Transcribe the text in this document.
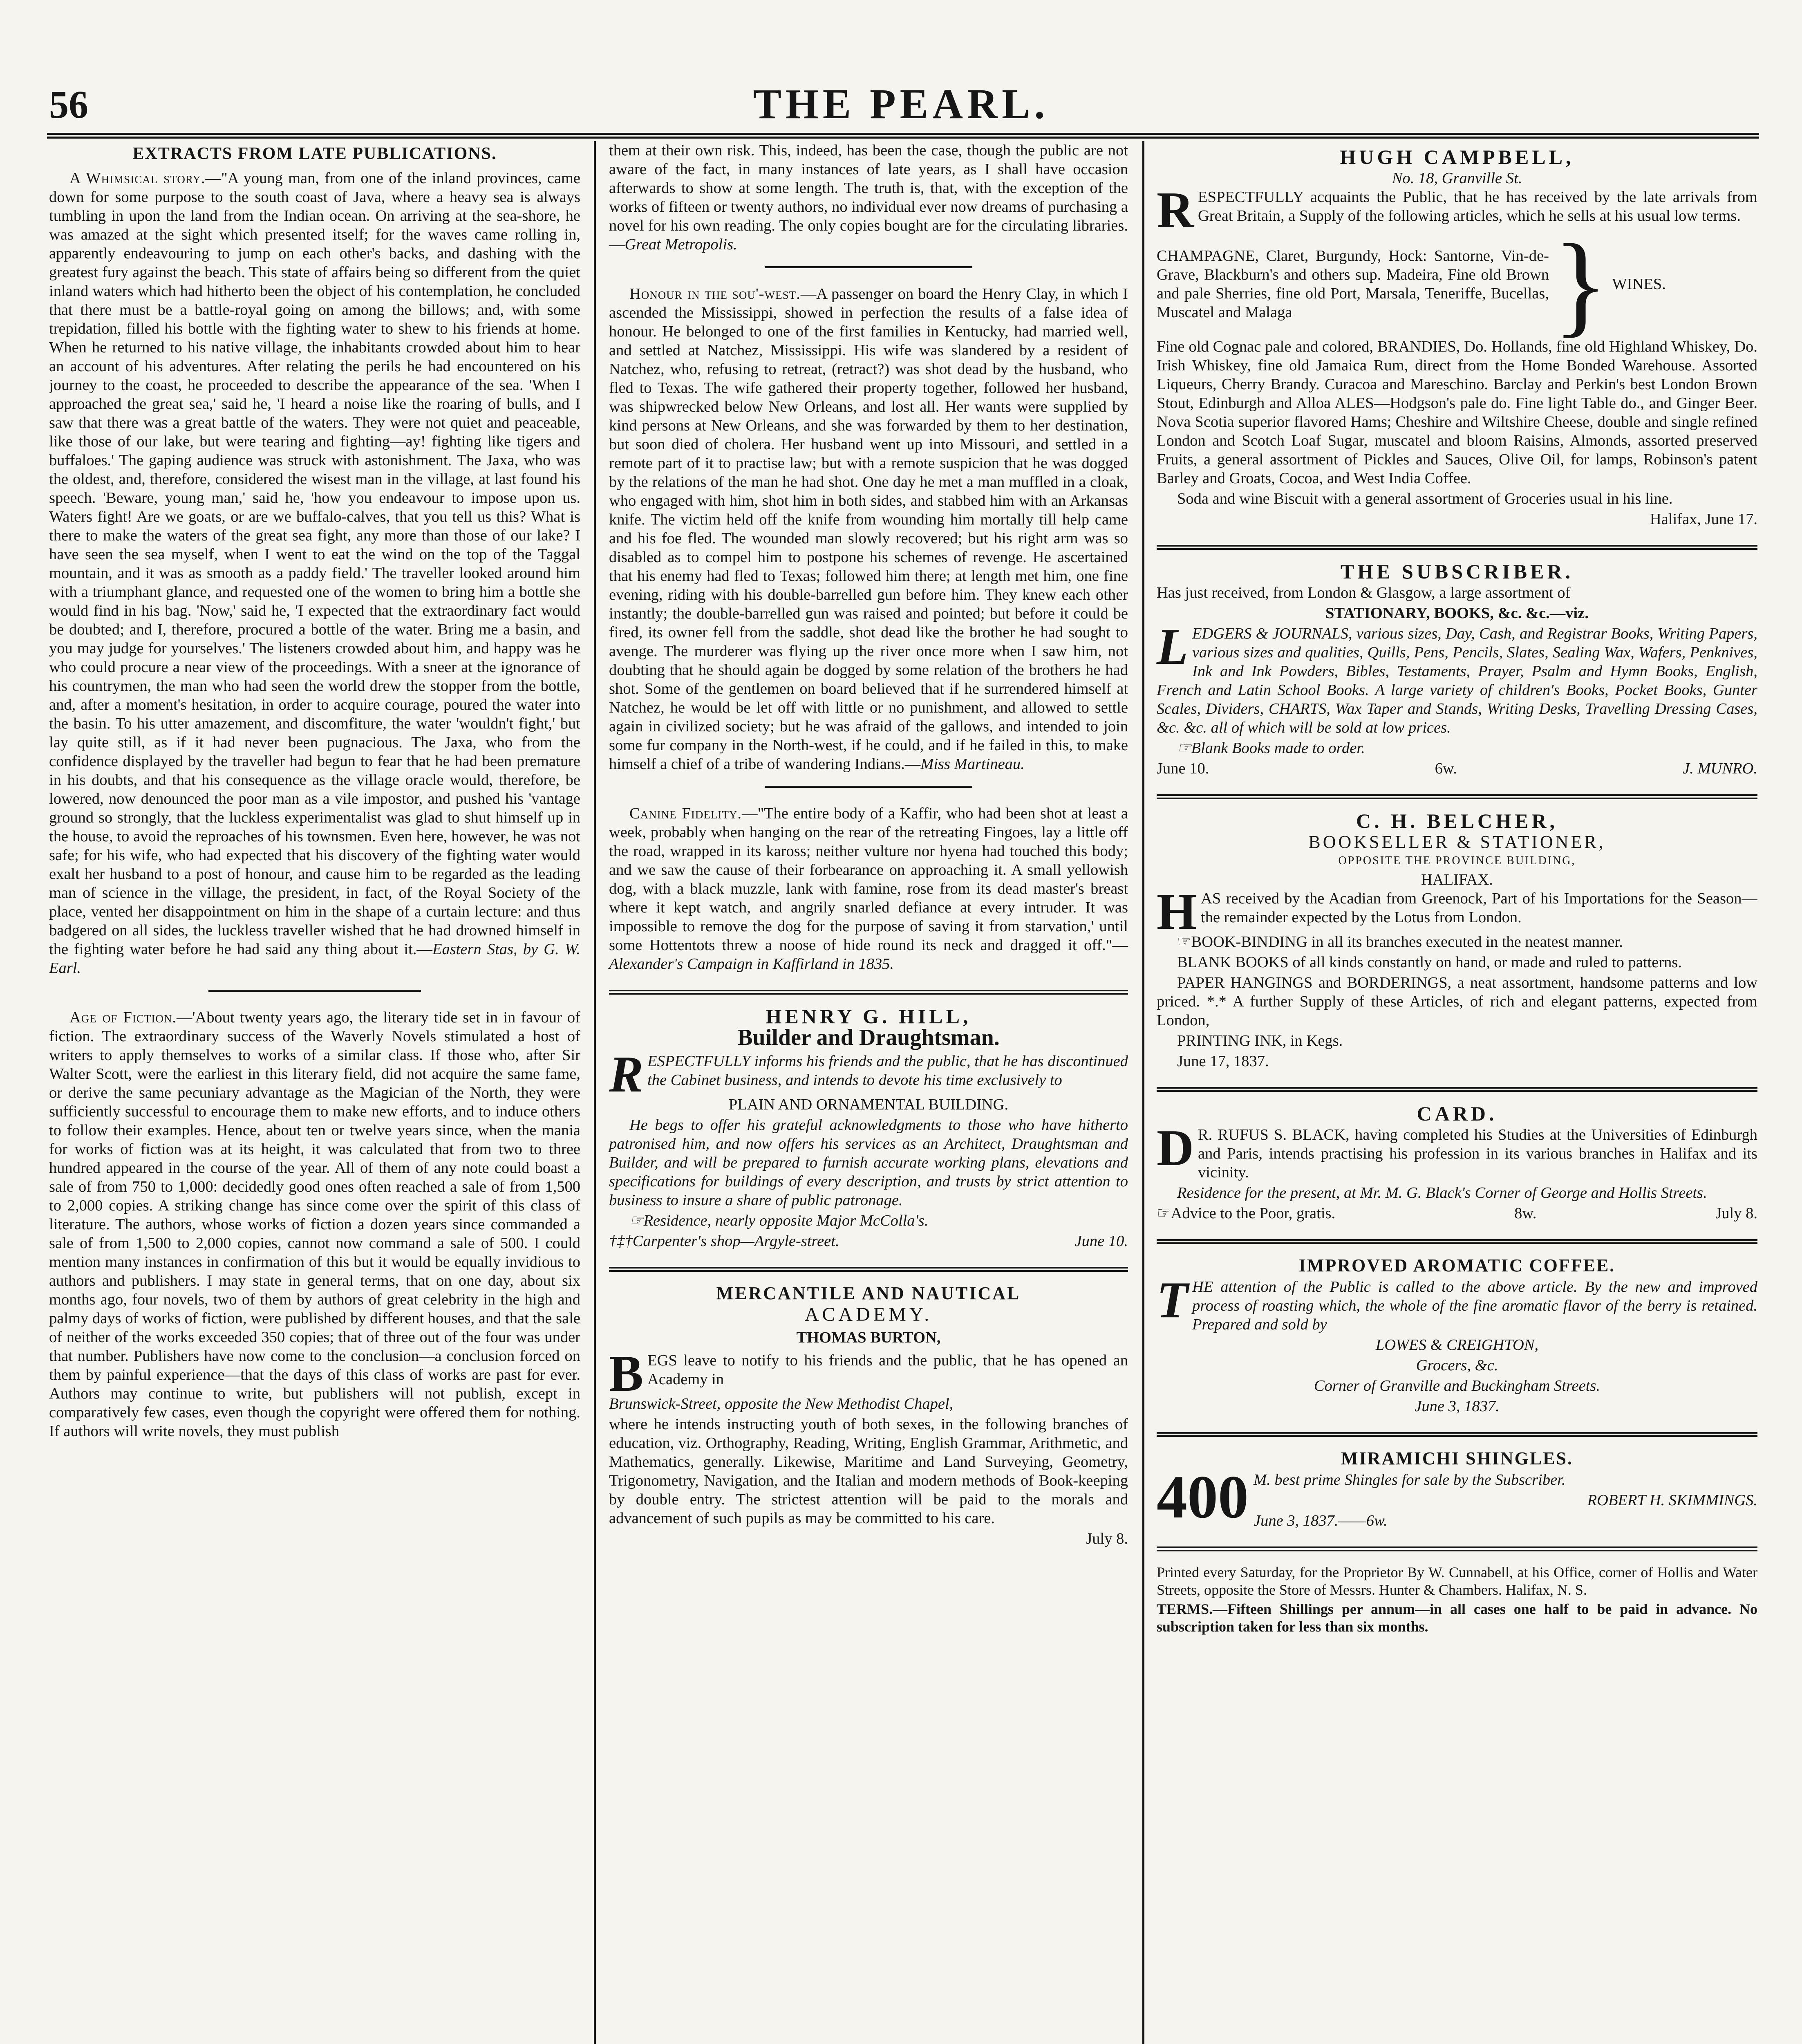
56	THE PEARL.
EXTRACTS FROM LATE PUBLICATIONS.

A Whimsical story.—"A young man, from one of the inland provinces, came down for some purpose to the south coast of Java, where a heavy sea is always tumbling in upon the land from the Indian ocean. On arriving at the sea-shore, he was amazed at the sight which presented itself; for the waves came rolling in, apparently endeavouring to jump on each other's backs, and dashing with the greatest fury against the beach. This state of affairs being so different from the quiet inland waters which had hitherto been the object of his contemplation, he concluded that there must be a battle-royal going on among the billows; and, with some trepidation, filled his bottle with the fighting water to shew to his friends at home. When he returned to his native village, the inhabitants crowded about him to hear an account of his adventures. After relating the perils he had encountered on his journey to the coast, he proceeded to describe the appearance of the sea. 'When I approached the great sea,' said he, 'I heard a noise like the roaring of bulls, and I saw that there was a great battle of the waters. They were not quiet and peaceable, like those of our lake, but were tearing and fighting—ay! fighting like tigers and buffaloes.' The gaping audience was struck with astonishment. The Jaxa, who was the oldest, and, therefore, considered the wisest man in the village, at last found his speech. 'Beware, young man,' said he, 'how you endeavour to impose upon us. Waters fight! Are we goats, or are we buffalo-calves, that you tell us this? What is there to make the waters of the great sea fight, any more than those of our lake? I have seen the sea myself, when I went to eat the wind on the top of the Taggal mountain, and it was as smooth as a paddy field.' The traveller looked around him with a triumphant glance, and requested one of the women to bring him a bottle she would find in his bag. 'Now,' said he, 'I expected that the extraordinary fact would be doubted; and I, therefore, procured a bottle of the water. Bring me a basin, and you may judge for yourselves.' The listeners crowded about him, and happy was he who could procure a near view of the proceedings. With a sneer at the ignorance of his countrymen, the man who had seen the world drew the stopper from the bottle, and, after a moment's hesitation, in order to acquire courage, poured the water into the basin. To his utter amazement, and discomfiture, the water 'wouldn't fight,' but lay quite still, as if it had never been pugnacious. The Jaxa, who from the confidence displayed by the traveller had begun to fear that he had been premature in his doubts, and that his consequence as the village oracle would, therefore, be lowered, now denounced the poor man as a vile impostor, and pushed his 'vantage ground so strongly, that the luckless experimentalist was glad to shut himself up in the house, to avoid the reproaches of his townsmen. Even here, however, he was not safe; for his wife, who had expected that his discovery of the fighting water would exalt her husband to a post of honour, and cause him to be regarded as the leading man of science in the village, the president, in fact, of the Royal Society of the place, vented her disappointment on him in the shape of a curtain lecture: and thus badgered on all sides, the luckless traveller wished that he had drowned himself in the fighting water before he had said any thing about it.—Eastern Stas, by G. W. Earl.

Age of Fiction.—'About twenty years ago, the literary tide set in in favour of fiction. The extraordinary success of the Waverly Novels stimulated a host of writers to apply themselves to works of a similar class. If those who, after Sir Walter Scott, were the earliest in this literary field, did not acquire the same fame, or derive the same pecuniary advantage as the Magician of the North, they were sufficiently successful to encourage them to make new efforts, and to induce others to follow their examples. Hence, about ten or twelve years since, when the mania for works of fiction was at its height, it was calculated that from two to three hundred appeared in the course of the year. All of them of any note could boast a sale of from 750 to 1,000: decidedly good ones often reached a sale of from 1,500 to 2,000 copies. A striking change has since come over the spirit of this class of literature. The authors, whose works of fiction a dozen years since commanded a sale of from 1,500 to 2,000 copies, cannot now command a sale of 500. I could mention many instances in confirmation of this but it would be equally invidious to authors and publishers. I may state in general terms, that on one day, about six months ago, four novels, two of them by authors of great celebrity in the high and palmy days of works of fiction, were published by different houses, and that the sale of neither of the works exceeded 350 copies; that of three out of the four was under that number. Publishers have now come to the conclusion—a conclusion forced on them by painful experience—that the days of this class of works are past for ever. Authors may continue to write, but publishers will not publish, except in comparatively few cases, even though the copyright were offered them for nothing. If authors will write novels, they must publish

them at their own risk. This, indeed, has been the case, though the public are not aware of the fact, in many instances of late years, as I shall have occasion afterwards to show at some length. The truth is, that, with the exception of the works of fifteen or twenty authors, no individual ever now dreams of purchasing a novel for his own reading. The only copies bought are for the circulating libraries.—Great Metropolis.

Honour in the sou'-west.—A passenger on board the Henry Clay, in which I ascended the Mississippi, showed in perfection the results of a false idea of honour. He belonged to one of the first families in Kentucky, had married well, and settled at Natchez, Mississippi. His wife was slandered by a resident of Natchez, who, refusing to retreat, (retract?) was shot dead by the husband, who fled to Texas. The wife gathered their property together, followed her husband, was shipwrecked below New Orleans, and lost all. Her wants were supplied by kind persons at New Orleans, and she was forwarded by them to her destination, but soon died of cholera. Her husband went up into Missouri, and settled in a remote part of it to practise law; but with a remote suspicion that he was dogged by the relations of the man he had shot. One day he met a man muffled in a cloak, who engaged with him, shot him in both sides, and stabbed him with an Arkansas knife. The victim held off the knife from wounding him mortally till help came and his foe fled. The wounded man slowly recovered; but his right arm was so disabled as to compel him to postpone his schemes of revenge. He ascertained that his enemy had fled to Texas; followed him there; at length met him, one fine evening, riding with his double-barrelled gun before him. They knew each other instantly; the double-barrelled gun was raised and pointed; but before it could be fired, its owner fell from the saddle, shot dead like the brother he had sought to avenge. The murderer was flying up the river once more when I saw him, not doubting that he should again be dogged by some relation of the brothers he had shot. Some of the gentlemen on board believed that if he surrendered himself at Natchez, he would be let off with little or no punishment, and allowed to settle again in civilized society; but he was afraid of the gallows, and intended to join some fur company in the North-west, if he could, and if he failed in this, to make himself a chief of a tribe of wandering Indians.—Miss Martineau.

Canine Fidelity.—"The entire body of a Kaffir, who had been shot at least a week, probably when hanging on the rear of the retreating Fingoes, lay a little off the road, wrapped in its kaross; neither vulture nor hyena had touched this body; and we saw the cause of their forbearance on approaching it. A small yellowish dog, with a black muzzle, lank with famine, rose from its dead master's breast where it kept watch, and angrily snarled defiance at every intruder. It was impossible to remove the dog for the purpose of saving it from starvation,' until some Hottentots threw a noose of hide round its neck and dragged it off."—Alexander's Campaign in Kaffirland in 1835.

HENRY G. HILL,
Builder and Draughtsman.

RESPECTFULLY informs his friends and the public, that he has discontinued the Cabinet business, and intends to devote his time exclusively to

PLAIN AND ORNAMENTAL BUILDING.

He begs to offer his grateful acknowledgments to those who have hitherto patronised him, and now offers his services as an Architect, Draughtsman and Builder, and will be prepared to furnish accurate working plans, elevations and specifications for buildings of every description, and trusts by strict attention to business to insure a share of public patronage.

☞Residence, nearly opposite Major McColla's.

†‡†Carpenter's shop—Argyle-street.	June 10.
MERCANTILE AND NAUTICAL
ACADEMY.
THOMAS BURTON,

BEGS leave to notify to his friends and the public, that he has opened an Academy in

Brunswick-Street, opposite the New Methodist Chapel,

where he intends instructing youth of both sexes, in the following branches of education, viz. Orthography, Reading, Writing, English Grammar, Arithmetic, and Mathematics, generally. Likewise, Maritime and Land Surveying, Geometry, Trigonometry, Navigation, and the Italian and modern methods of Book-keeping by double entry. The strictest attention will be paid to the morals and advancement of such pupils as may be committed to his care.

July 8.
HUGH CAMPBELL,
No. 18, Granville St.

RESPECTFULLY acquaints the Public, that he has received by the late arrivals from Great Britain, a Supply of the following articles, which he sells at his usual low terms.

CHAMPAGNE, Claret, Burgundy, Hock: Santorne, Vin-de-Grave, Blackburn's and others sup. Madeira, Fine old Brown and pale Sherries, fine old Port, Marsala, Teneriffe, Bucellas, Muscatel and Malaga	} WINES.

Fine old Cognac pale and colored, BRANDIES, Do. Hollands, fine old Highland Whiskey, Do. Irish Whiskey, fine old Jamaica Rum, direct from the Home Bonded Warehouse. Assorted Liqueurs, Cherry Brandy. Curacoa and Mareschino. Barclay and Perkin's best London Brown Stout, Edinburgh and Alloa ALES—Hodgson's pale do. Fine light Table do., and Ginger Beer. Nova Scotia superior flavored Hams; Cheshire and Wiltshire Cheese, double and single refined London and Scotch Loaf Sugar, muscatel and bloom Raisins, Almonds, assorted preserved Fruits, a general assortment of Pickles and Sauces, Olive Oil, for lamps, Robinson's patent Barley and Groats, Cocoa, and West India Coffee.

Soda and wine Biscuit with a general assortment of Groceries usual in his line.

Halifax, June 17.
THE SUBSCRIBER.

Has just received, from London & Glasgow, a large assortment of

STATIONARY, BOOKS, &c. &c.—viz.

LEDGERS & JOURNALS, various sizes, Day, Cash, and Registrar Books, Writing Papers, various sizes and qualities, Quills, Pens, Pencils, Slates, Sealing Wax, Wafers, Penknives, Ink and Ink Powders, Bibles, Testaments, Prayer, Psalm and Hymn Books, English, French and Latin School Books. A large variety of children's Books, Pocket Books, Gunter Scales, Dividers, CHARTS, Wax Taper and Stands, Writing Desks, Travelling Dressing Cases, &c. &c. all of which will be sold at low prices.

☞Blank Books made to order.

June 10.	6w.	J. MUNRO.
C. H. BELCHER,
BOOKSELLER & STATIONER,
OPPOSITE THE PROVINCE BUILDING,
HALIFAX.

HAS received by the Acadian from Greenock, Part of his Importations for the Season—the remainder expected by the Lotus from London.

☞BOOK-BINDING in all its branches executed in the neatest manner.

BLANK BOOKS of all kinds constantly on hand, or made and ruled to patterns.

PAPER HANGINGS and BORDERINGS, a neat assortment, handsome patterns and low priced. *.* A further Supply of these Articles, of rich and elegant patterns, expected from London,

PRINTING INK, in Kegs.

June 17, 1837.

CARD.

D R. RUFUS S. BLACK, having completed his Studies at the Universities of Edinburgh and Paris, intends practising his profession in its various branches in Halifax and its vicinity.

Residence for the present, at Mr. M. G. Black's Corner of George and Hollis Streets.

☞Advice to the Poor, gratis.	8w.	July 8.
IMPROVED AROMATIC COFFEE.

THE attention of the Public is called to the above article. By the new and improved process of roasting which, the whole of the fine aromatic flavor of the berry is retained. Prepared and sold by

LOWES & CREIGHTON,

Grocers, &c.

Corner of Granville and Buckingham Streets.

June 3, 1837.

MIRAMICHI SHINGLES.
400 M. best prime Shingles for sale by the Subscriber.

ROBERT H. SKIMMINGS.

June 3, 1837.——6w.

Printed every Saturday, for the Proprietor By W. Cunnabell, at his Office, corner of Hollis and Water Streets, opposite the Store of Messrs. Hunter & Chambers. Halifax, N. S.

TERMS.—Fifteen Shillings per annum—in all cases one half to be paid in advance. No subscription taken for less than six months.
